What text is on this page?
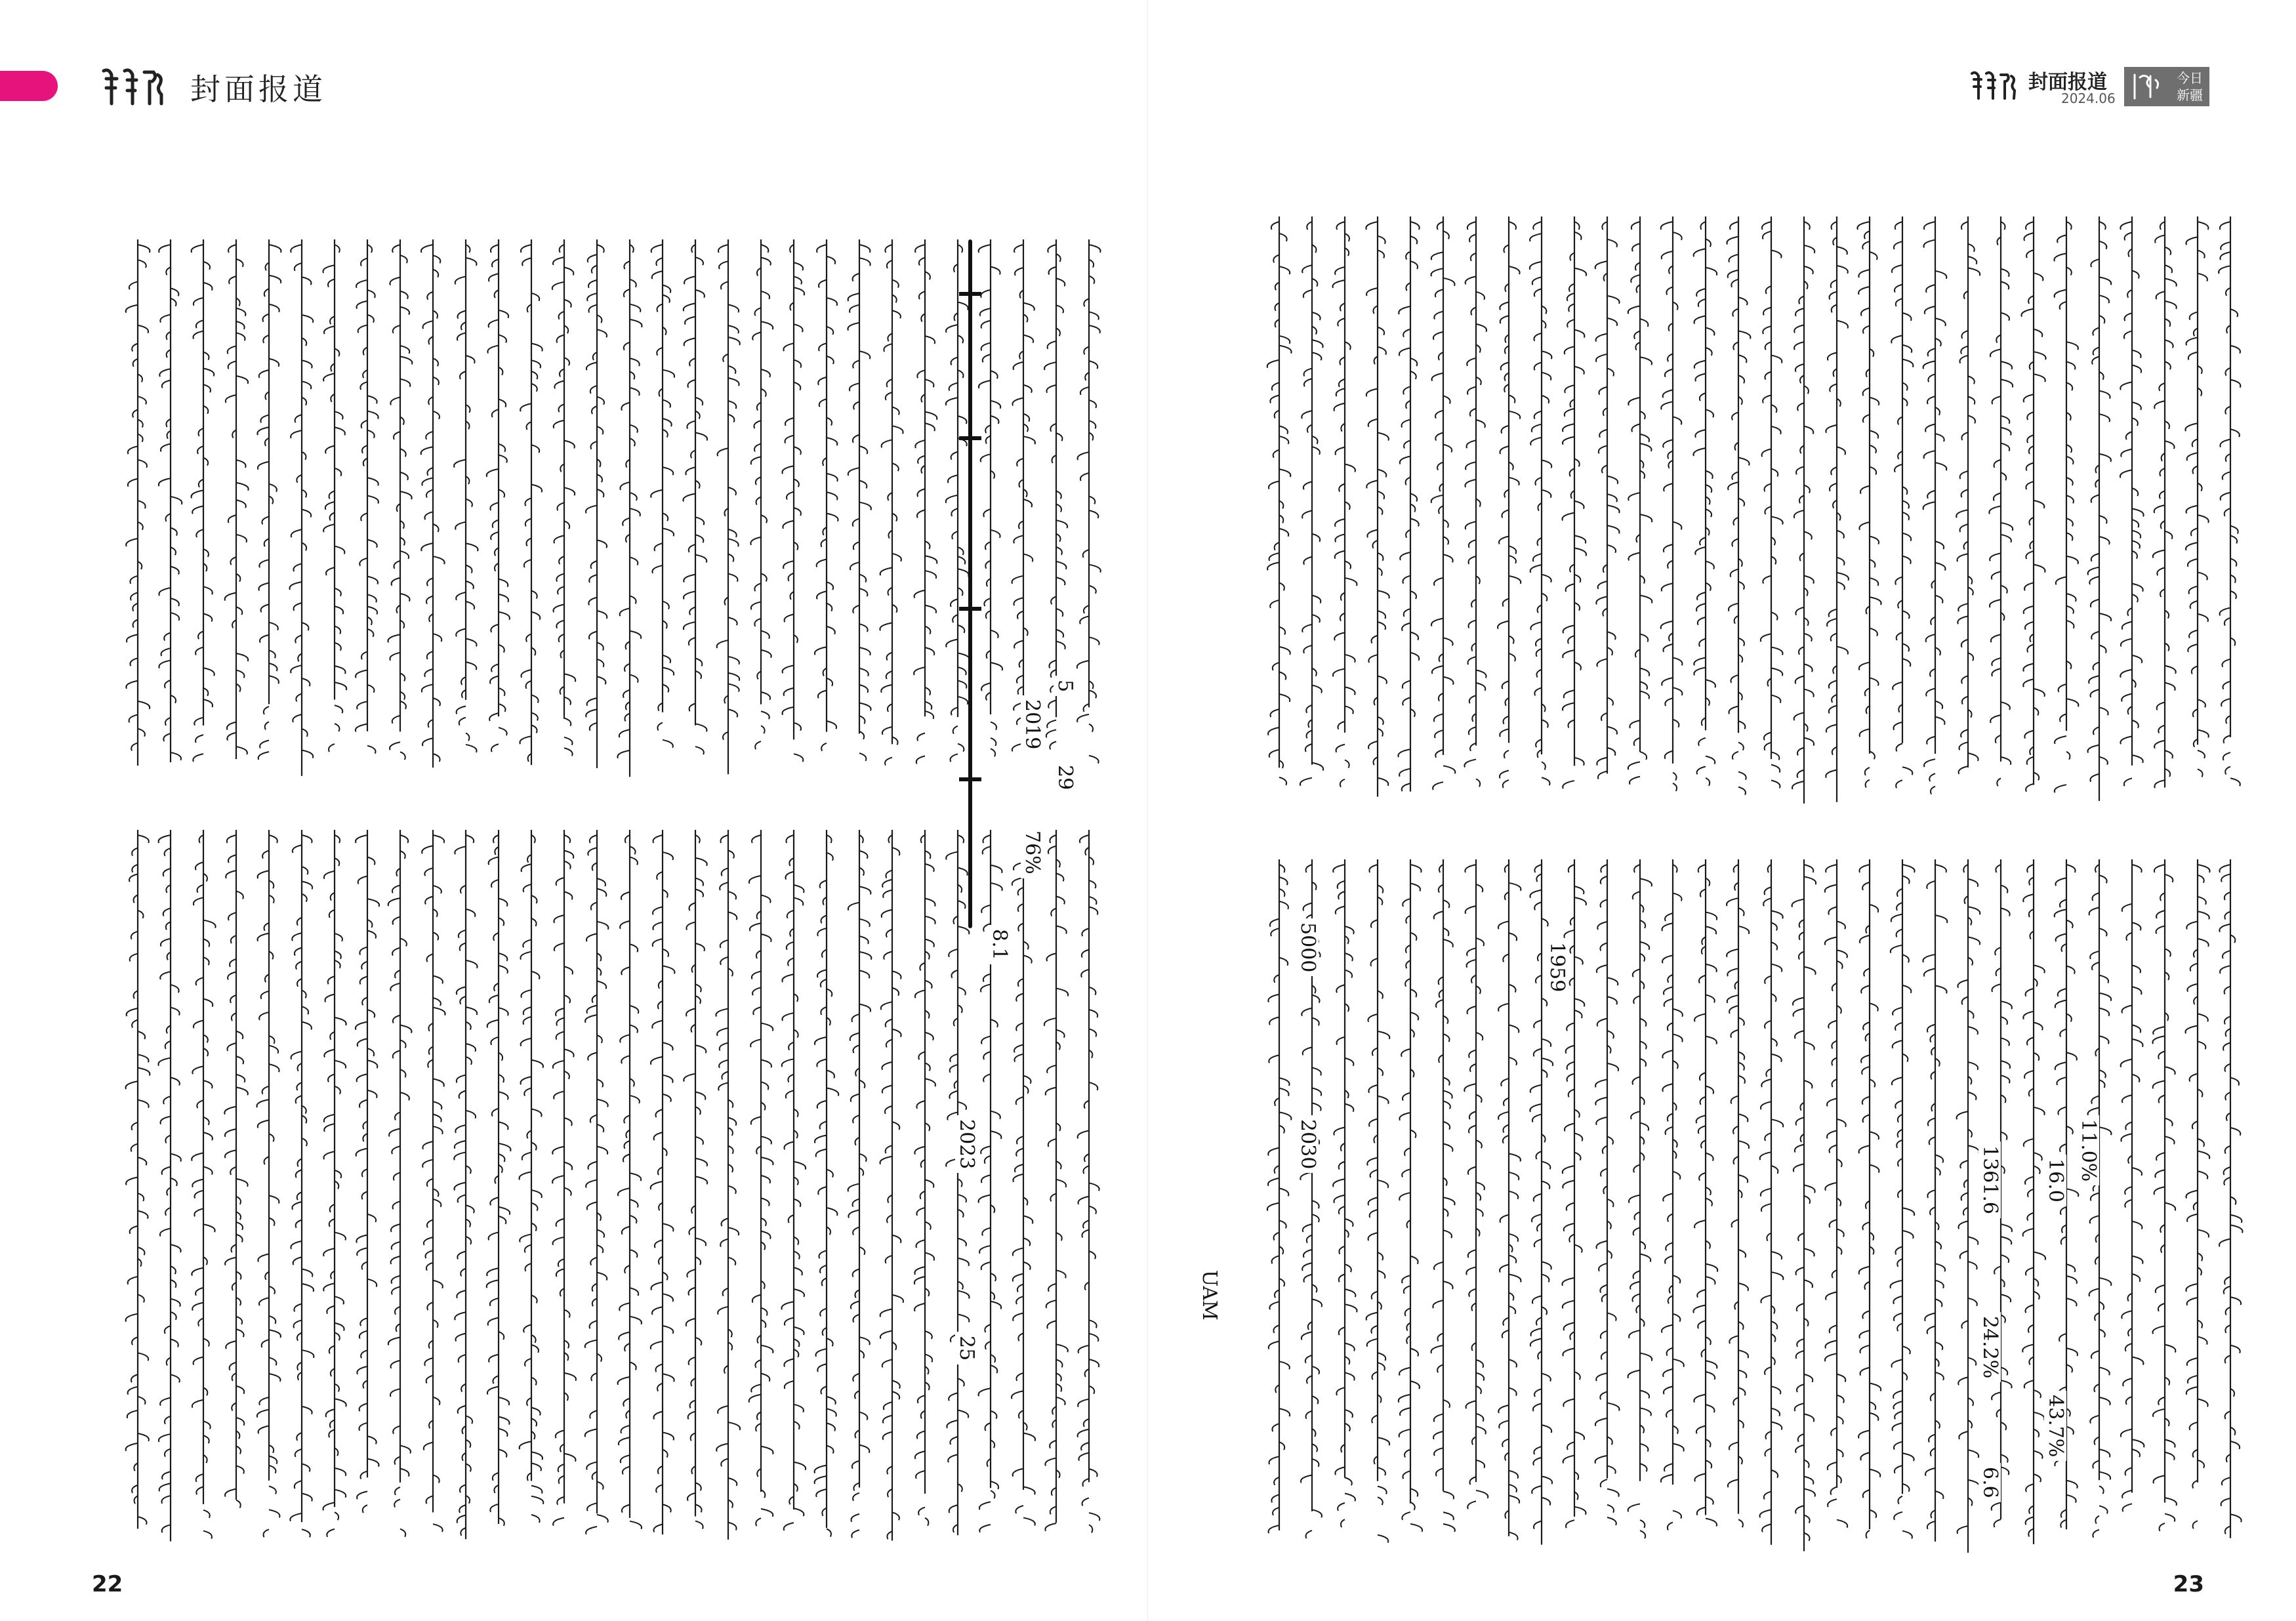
封面报道
5
29
2019
76%
8.1
2023
25
22
封面报道
2024.06
今日 新疆
11.0%
16.0
43.7%
1361.6
24.2%
6.6
1959
5000
2030
UAM
23
